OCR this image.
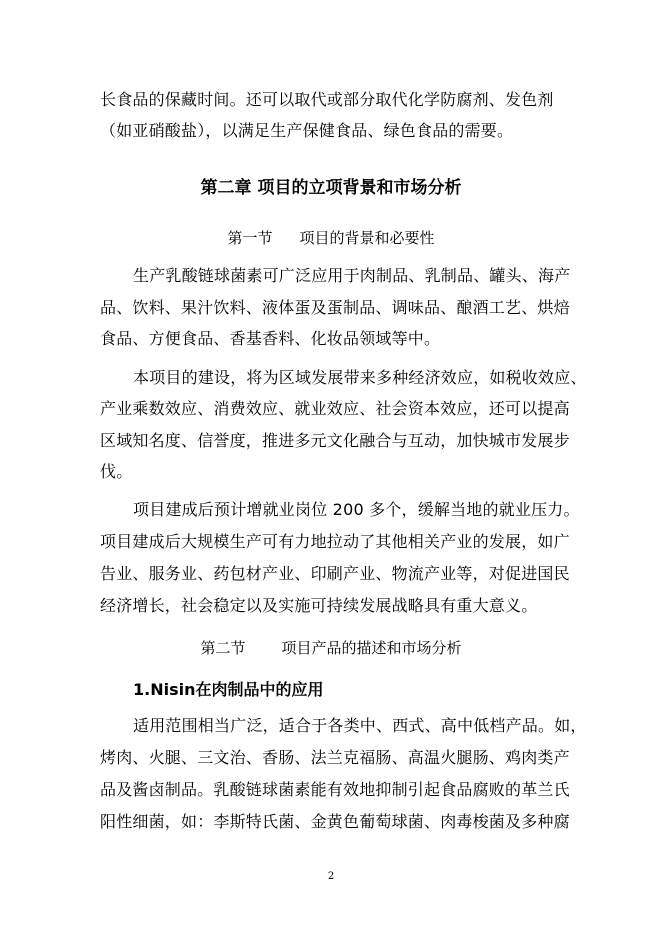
长食品的保藏时间。还可以取代或部分取代化学防腐剂、发色剂
（如亚硝酸盐），以满足生产保健食品、绿色食品的需要。
第二章 项目的立项背景和市场分析
第一节   项目的背景和必要性
生产乳酸链球菌素可广泛应用于肉制品、乳制品、罐头、海产
品、饮料、果汁饮料、液体蛋及蛋制品、调味品、酿酒工艺、烘焙
食品、方便食品、香基香料、化妆品领域等中。
本项目的建设，将为区域发展带来多种经济效应，如税收效应、
产业乘数效应、消费效应、就业效应、社会资本效应，还可以提高
区域知名度、信誉度，推进多元文化融合与互动，加快城市发展步
伐。
项目建成后预计增就业岗位 200 多个，缓解当地的就业压力。
项目建成后大规模生产可有力地拉动了其他相关产业的发展，如广
告业、服务业、药包材产业、印刷产业、物流产业等，对促进国民
经济增长，社会稳定以及实施可持续发展战略具有重大意义。
第二节    项目产品的描述和市场分析
1.Nisin在肉制品中的应用
适用范围相当广泛，适合于各类中、西式、高中低档产品。如，
烤肉、火腿、三文治、香肠、法兰克福肠、高温火腿肠、鸡肉类产
品及酱卤制品。乳酸链球菌素能有效地抑制引起食品腐败的革兰氏
阳性细菌，如：李斯特氏菌、金黄色葡萄球菌、肉毒梭菌及多种腐
2
